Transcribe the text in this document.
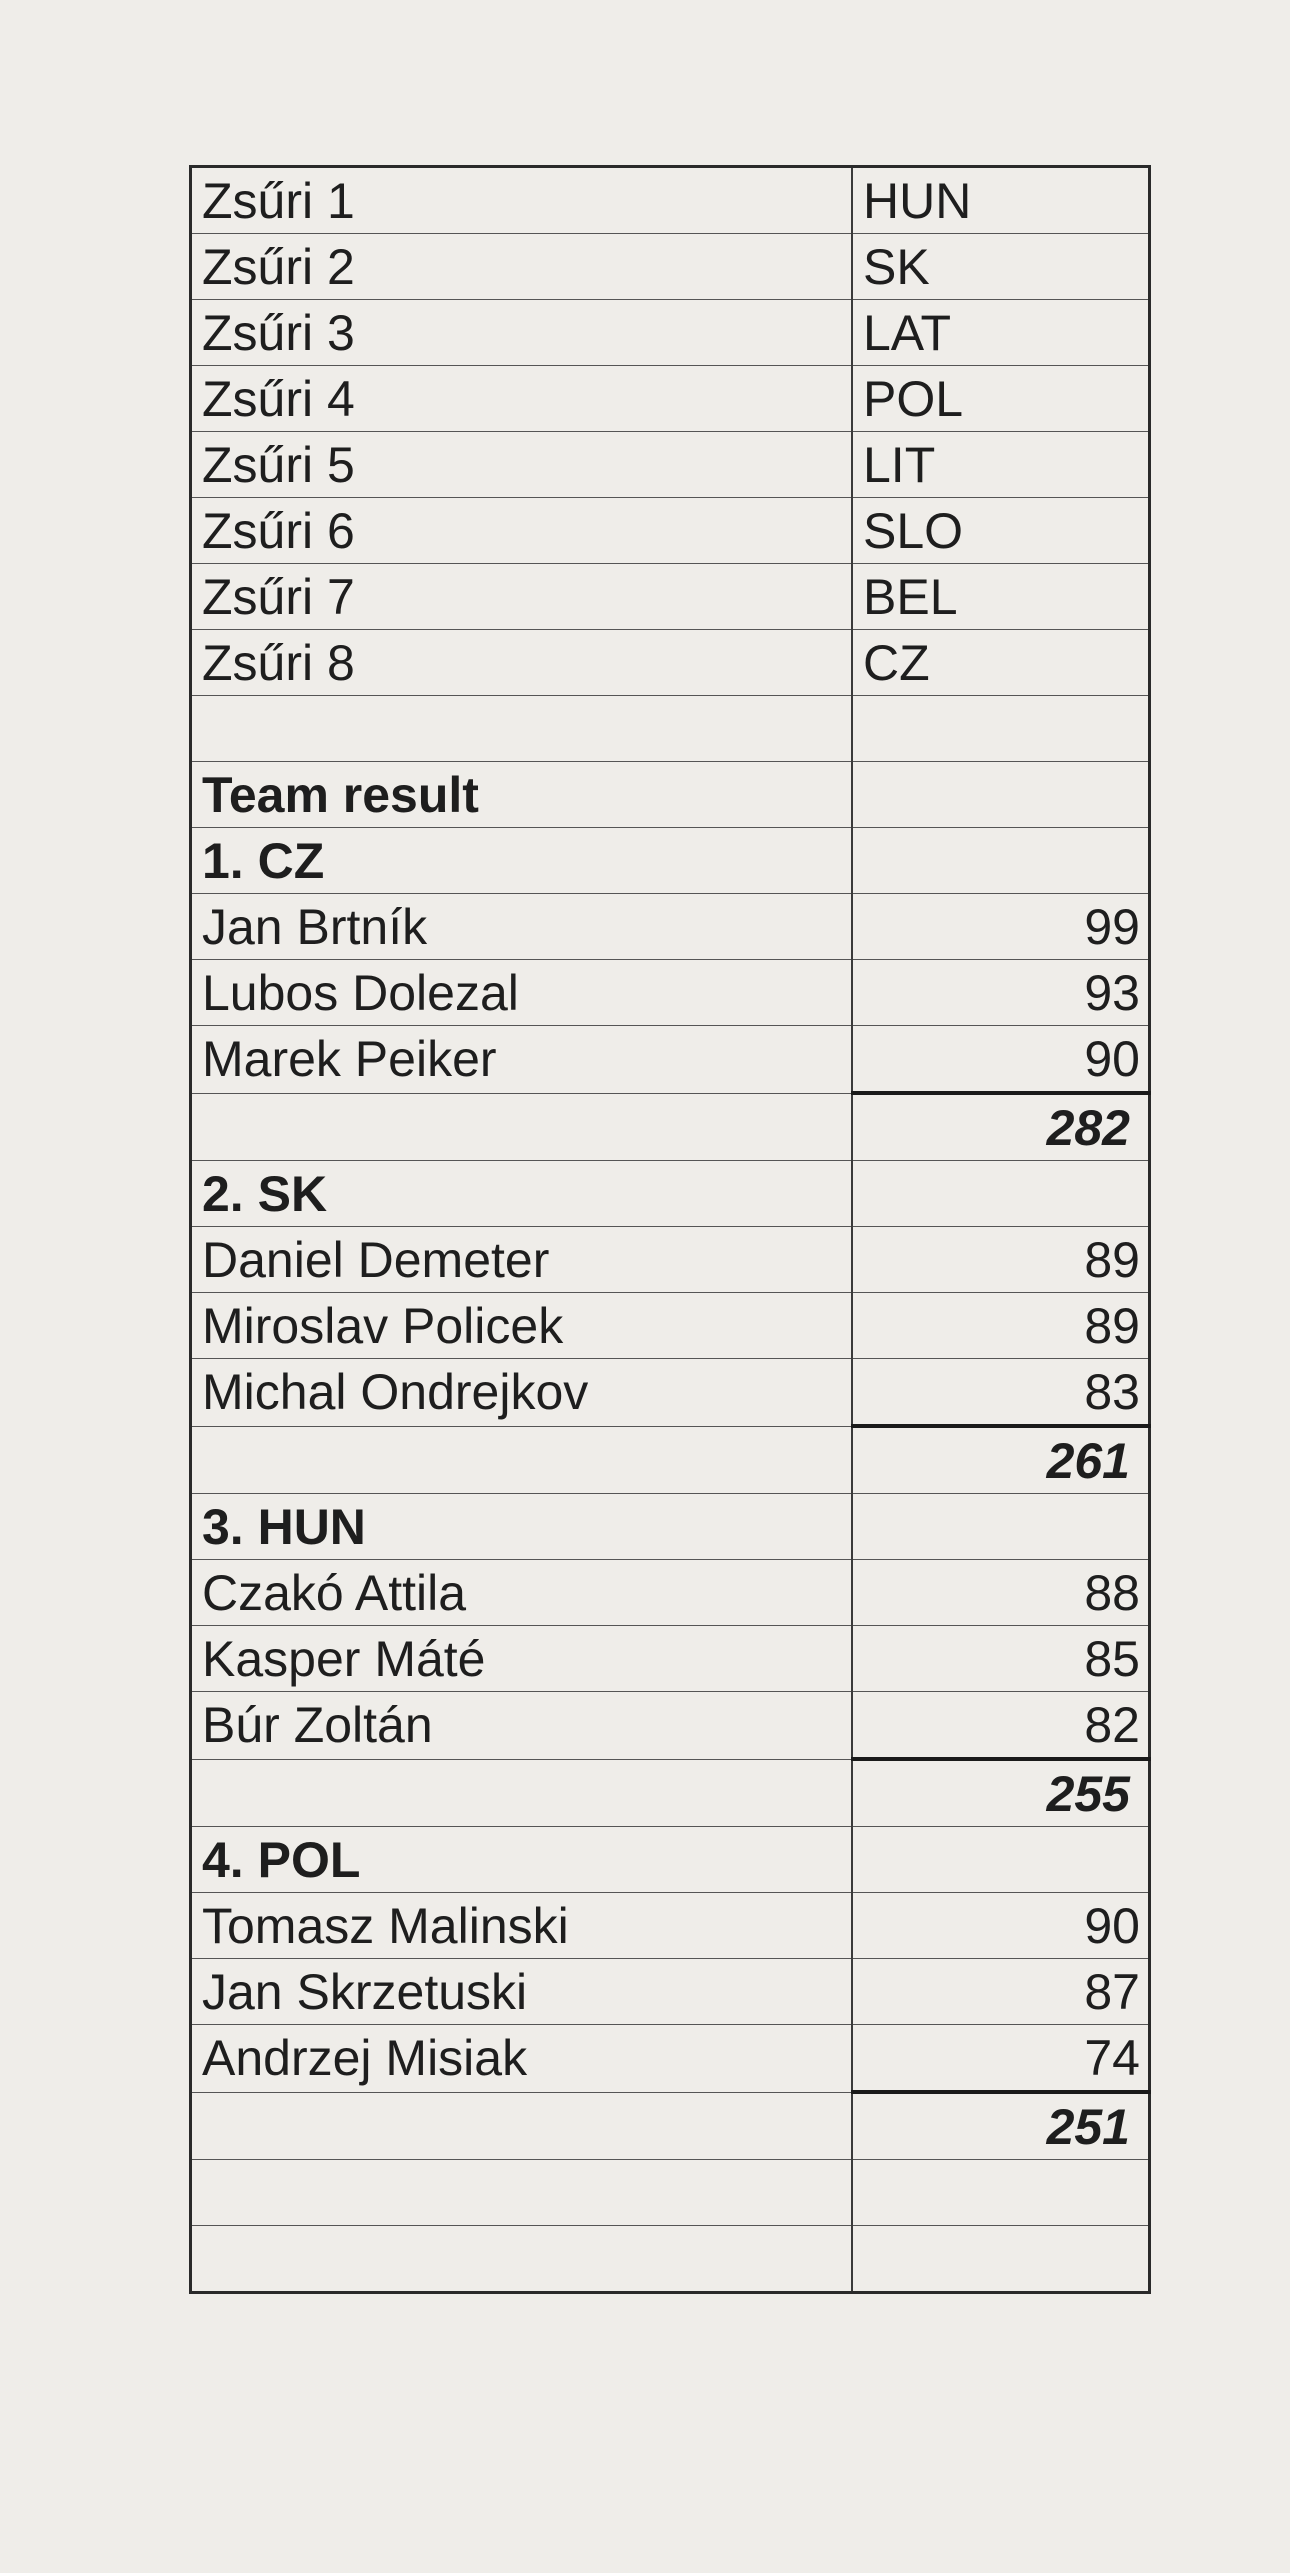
Zsűri 1	HUN
Zsűri 2	SK
Zsűri 3	LAT
Zsűri 4	POL
Zsűri 5	LIT
Zsűri 6	SLO
Zsűri 7	BEL
Zsűri 8	CZ

Team result	
1. CZ	
Jan Brtník	99
Lubos Dolezal	93
Marek Peiker	90
	282
2. SK	
Daniel Demeter	89
Miroslav Policek	89
Michal Ondrejkov	83
	261
3. HUN	
Czakó Attila	88
Kasper Máté	85
Búr Zoltán	82
	255
4. POL	
Tomasz Malinski	90
Jan Skrzetuski	87
Andrzej Misiak	74
	251
